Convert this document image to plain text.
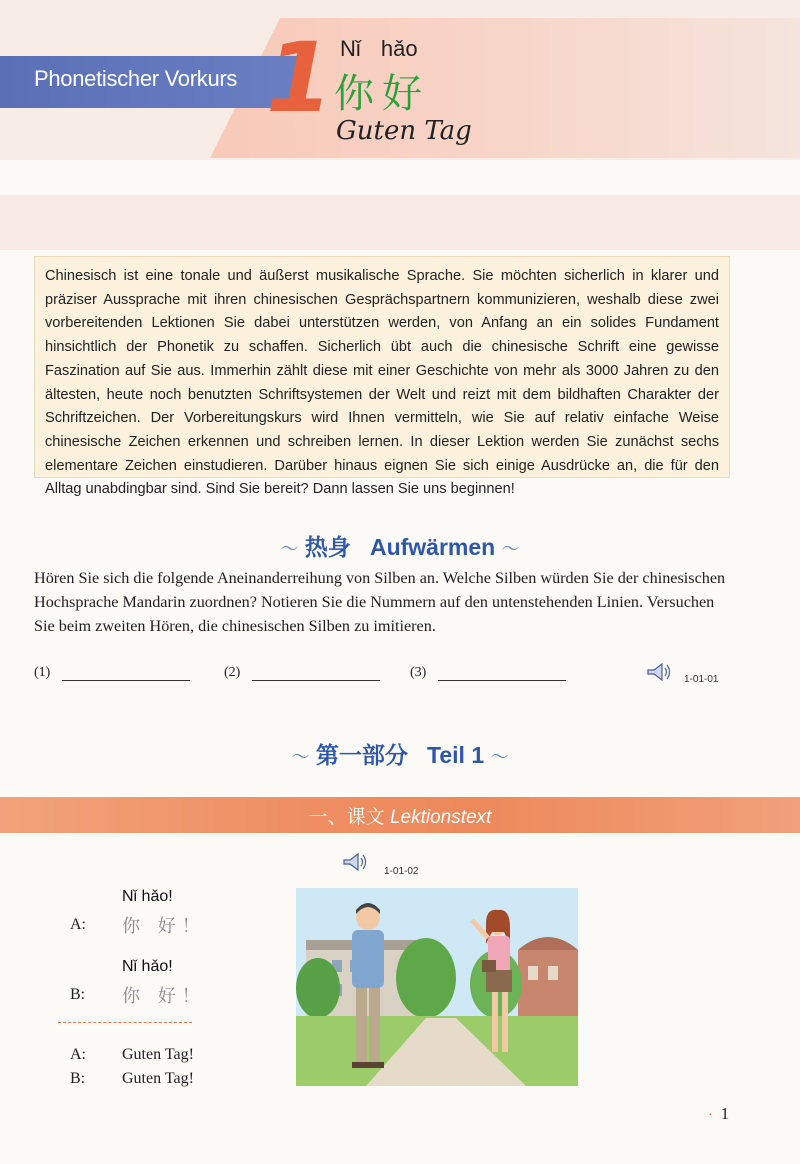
Phonetischer Vorkurs 1 Nǐ hǎo
你好
Guten Tag

Chinesisch ist eine tonale und äußerst musikalische Sprache. Sie möchten sicherlich in klarer und präziser Aussprache mit ihren chinesischen Gesprächspartnern kommunizieren, weshalb diese zwei vorbereitenden Lektionen Sie dabei unterstützen werden, von Anfang an ein solides Fundament hinsichtlich der Phonetik zu schaffen. Sicherlich übt auch die chinesische Schrift eine gewisse Faszination auf Sie aus. Immerhin zählt diese mit einer Geschichte von mehr als 3000 Jahren zu den ältesten, heute noch benutzten Schriftsystemen der Welt und reizt mit dem bildhaften Charakter der Schriftzeichen. Der Vorbereitungskurs wird Ihnen vermitteln, wie Sie auf relativ einfache Weise chinesische Zeichen erkennen und schreiben lernen. In dieser Lektion werden Sie zunächst sechs elementare Zeichen einstudieren. Darüber hinaus eignen Sie sich einige Ausdrücke an, die für den Alltag unabdingbar sind. Sind Sie bereit? Dann lassen Sie uns beginnen!

〜 热身 Aufwärmen 〜

Hören Sie sich die folgende Aneinanderreihung von Silben an. Welche Silben würden Sie der chinesischen Hochsprache Mandarin zuordnen? Notieren Sie die Nummern auf den untenstehenden Linien. Versuchen Sie beim zweiten Hören, die chinesischen Silben zu imitieren.

(1)	(2)	(3)	1-01-01
〜 第一部分 Teil 1 〜
一、课文 Lektionstext
1-01-02
Nǐ hǎo!
A: 你 好！
Nǐ hǎo!
B: 你 好！
A: Guten Tag!
B: Guten Tag!
· 1
